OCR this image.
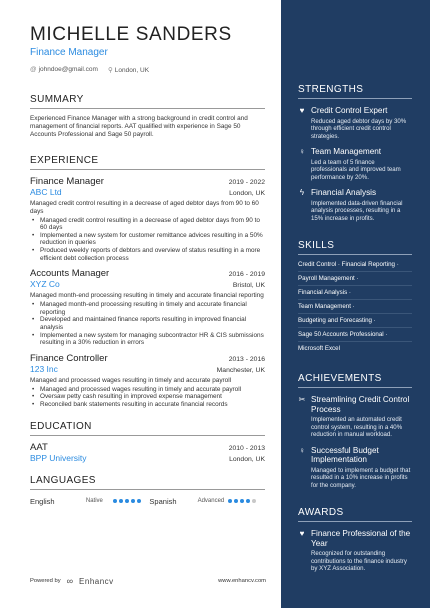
MICHELLE SANDERS
Finance Manager
@ johndoe@gmail.com ⚲ London, UK
SUMMARY

Experienced Finance Manager with a strong background in credit control and management of financial reports. AAT qualified with experience in Sage 50 Accounts Professional and Sage 50 payroll.

EXPERIENCE
Finance Manager	2019 - 2022
ABC Ltd	London, UK
Managed credit control resulting in a decrease of aged debtor days from 90 to 60 days
• Managed credit control resulting in a decrease of aged debtor days from 90 to 60 days
• Implemented a new system for customer remittance advices resulting in a 50% reduction in queries
• Produced weekly reports of debtors and overview of status resulting in a more efficient debt collection process
Accounts Manager	2016 - 2019
XYZ Co	Bristol, UK
Managed month-end processing resulting in timely and accurate financial reporting
• Managed month-end processing resulting in timely and accurate financial reporting
• Developed and maintained finance reports resulting in improved financial analysis
• Implemented a new system for managing subcontractor HR & CIS submissions resulting in a 30% reduction in errors
Finance Controller	2013 - 2016
123 Inc	Manchester, UK
Managed and processed wages resulting in timely and accurate payroll
• Managed and processed wages resulting in timely and accurate payroll
• Oversaw petty cash resulting in improved expense management
• Reconciled bank statements resulting in accurate financial records
EDUCATION
AAT	2010 - 2013
BPP University	London, UK
LANGUAGES
English	Native	Spanish	Advanced
Powered by ∞ Enhancv	www.enhancv.com
STRENGTHS
♥ Credit Control Expert
Reduced aged debtor days by 30% through efficient credit control strategies.
♀ Team Management
Led a team of 5 finance professionals and improved team performance by 20%.
ϟ Financial Analysis
Implemented data-driven financial analysis processes, resulting in a 15% increase in profits.
SKILLS
Credit Control · Financial Reporting ·
Payroll Management ·
Financial Analysis ·
Team Management ·
Budgeting and Forecasting ·
Sage 50 Accounts Professional ·
Microsoft Excel
ACHIEVEMENTS
✂ Streamlining Credit Control Process
Implemented an automated credit control system, resulting in a 40% reduction in manual workload.
♀ Successful Budget Implementation
Managed to implement a budget that resulted in a 10% increase in profits for the company.
AWARDS
♥ Finance Professional of the Year
Recognized for outstanding contributions to the finance industry by XYZ Association.
